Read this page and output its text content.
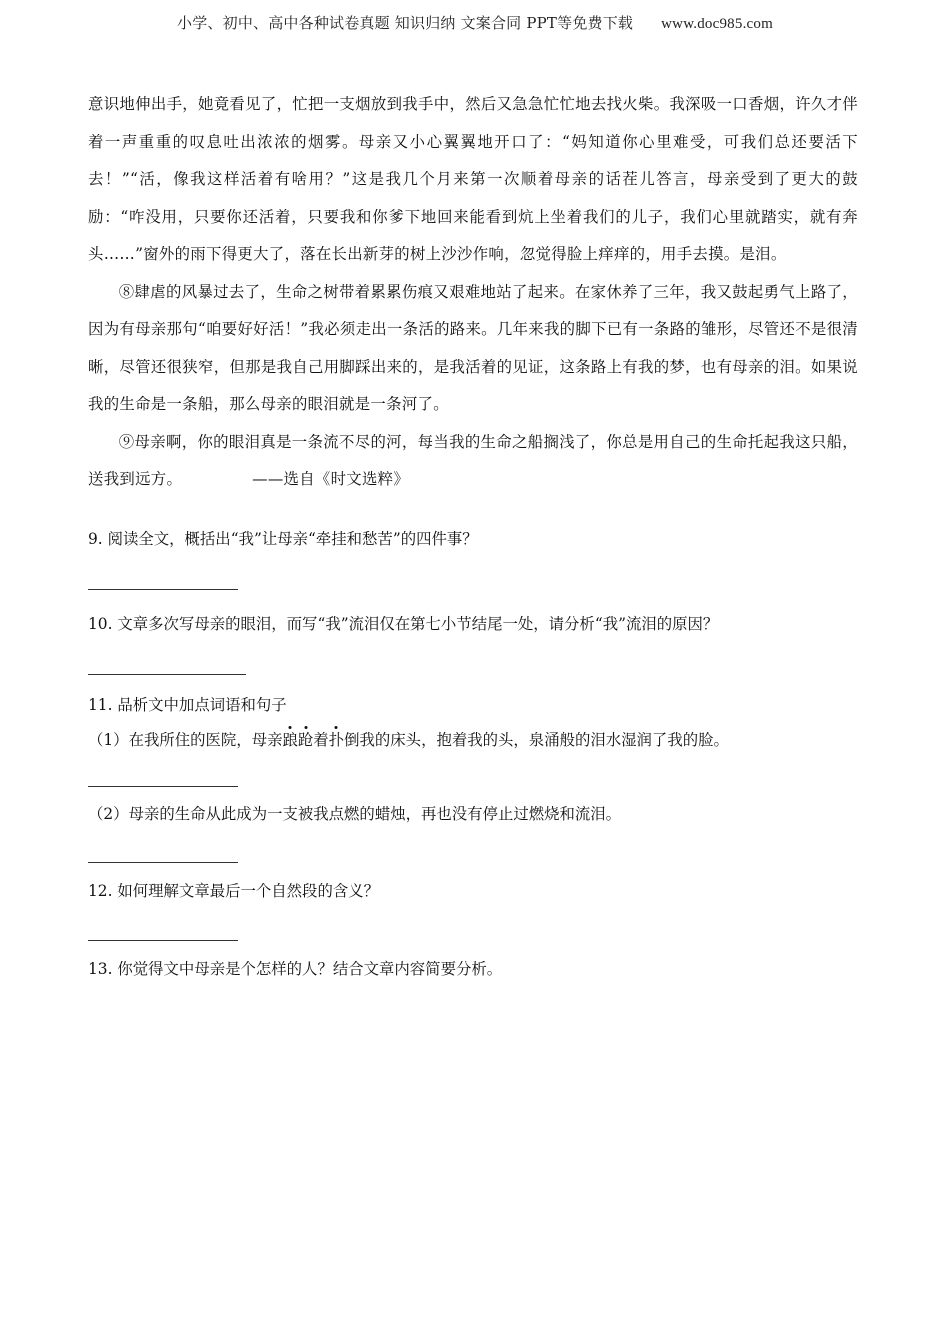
小学、初中、高中各种试卷真题 知识归纳 文案合同 PPT等免费下载 www.doc985.com

意识地伸出手，她竟看见了，忙把一支烟放到我手中，然后又急急忙忙地去找火柴。我深吸一口香烟，许久才伴着一声重重的叹息吐出浓浓的烟雾。母亲又小心翼翼地开口了：“妈知道你心里难受，可我们总还要活下去！”“活，像我这样活着有啥用？”这是我几个月来第一次顺着母亲的话茬儿答言，母亲受到了更大的鼓励：“咋没用，只要你还活着，只要我和你爹下地回来能看到炕上坐着我们的儿子，我们心里就踏实，就有奔头……”窗外的雨下得更大了，落在长出新芽的树上沙沙作响，忽觉得脸上痒痒的，用手去摸。是泪。

⑧肆虐的风暴过去了，生命之树带着累累伤痕又艰难地站了起来。在家休养了三年，我又鼓起勇气上路了，因为有母亲那句“咱要好好活！”我必须走出一条活的路来。几年来我的脚下已有一条路的雏形，尽管还不是很清晰，尽管还很狭窄，但那是我自己用脚踩出来的，是我活着的见证，这条路上有我的梦，也有母亲的泪。如果说我的生命是一条船，那么母亲的眼泪就是一条河了。

⑨母亲啊，你的眼泪真是一条流不尽的河，每当我的生命之船搁浅了，你总是用自己的生命托起我这只船，送我到远方。	——选自《时文选粹》

9. 阅读全文，概括出“我”让母亲“牵挂和愁苦”的四件事？

10. 文章多次写母亲的眼泪，而写“我”流泪仅在第七小节结尾一处，请分析“我”流泪的原因？

11. 品析文中加点词语和句子

（1）在我所住的医院，母亲踉跄着扑倒我的床头，抱着我的头，泉涌般的泪水湿润了我的脸。

（2）母亲的生命从此成为一支被我点燃的蜡烛，再也没有停止过燃烧和流泪。

12. 如何理解文章最后一个自然段的含义？

13. 你觉得文中母亲是个怎样的人？结合文章内容简要分析。
